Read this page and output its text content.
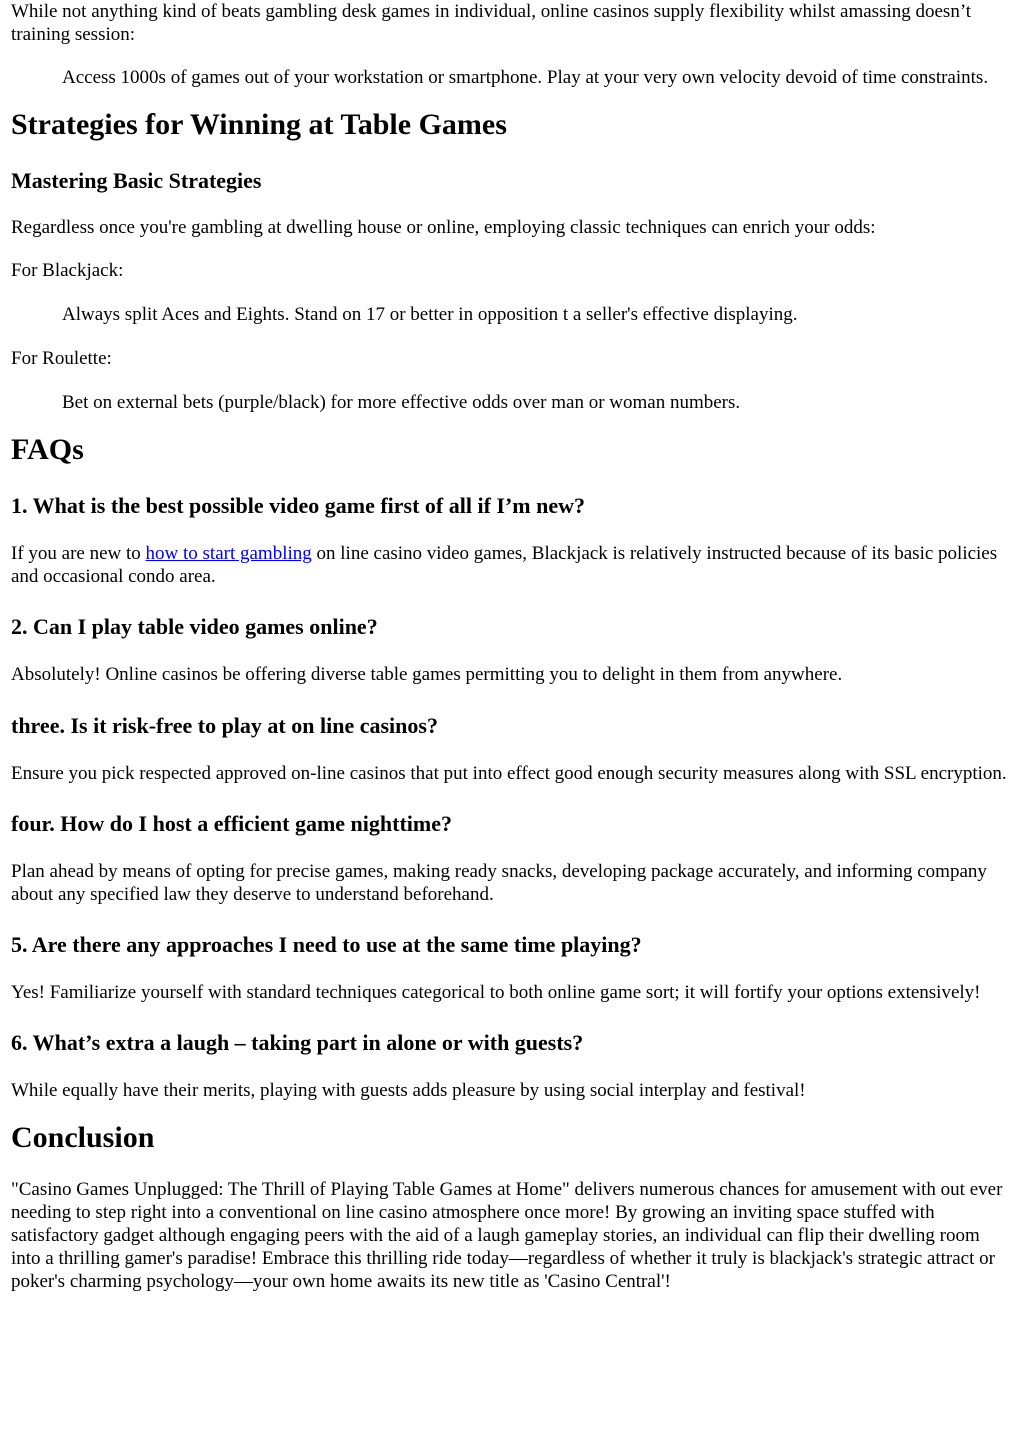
While not anything kind of beats gambling desk games in individual, online casinos supply flexibility whilst amassing doesn’t training session:

Access 1000s of games out of your workstation or smartphone. Play at your very own velocity devoid of time constraints.

Strategies for Winning at Table Games
Mastering Basic Strategies

Regardless once you're gambling at dwelling house or online, employing classic techniques can enrich your odds:

For Blackjack:

Always split Aces and Eights. Stand on 17 or better in opposition t a seller's effective displaying.

For Roulette:

Bet on external bets (purple/black) for more effective odds over man or woman numbers.

FAQs
1. What is the best possible video game first of all if I’m new?

If you are new to how to start gambling on line casino video games, Blackjack is relatively instructed because of its basic policies and occasional condo area.

2. Can I play table video games online?

Absolutely! Online casinos be offering diverse table games permitting you to delight in them from anywhere.

three. Is it risk-free to play at on line casinos?

Ensure you pick respected approved on-line casinos that put into effect good enough security measures along with SSL encryption.

four. How do I host a efficient game nighttime?

Plan ahead by means of opting for precise games, making ready snacks, developing package accurately, and informing company about any specified law they deserve to understand beforehand.

5. Are there any approaches I need to use at the same time playing?

Yes! Familiarize yourself with standard techniques categorical to both online game sort; it will fortify your options extensively!

6. What’s extra a laugh – taking part in alone or with guests?

While equally have their merits, playing with guests adds pleasure by using social interplay and festival!

Conclusion

"Casino Games Unplugged: The Thrill of Playing Table Games at Home" delivers numerous chances for amusement with out ever needing to step right into a conventional on line casino atmosphere once more! By growing an inviting space stuffed with satisfactory gadget although engaging peers with the aid of a laugh gameplay stories, an individual can flip their dwelling room into a thrilling gamer's paradise! Embrace this thrilling ride today—regardless of whether it truly is blackjack's strategic attract or poker's charming psychology—your own home awaits its new title as 'Casino Central'!
